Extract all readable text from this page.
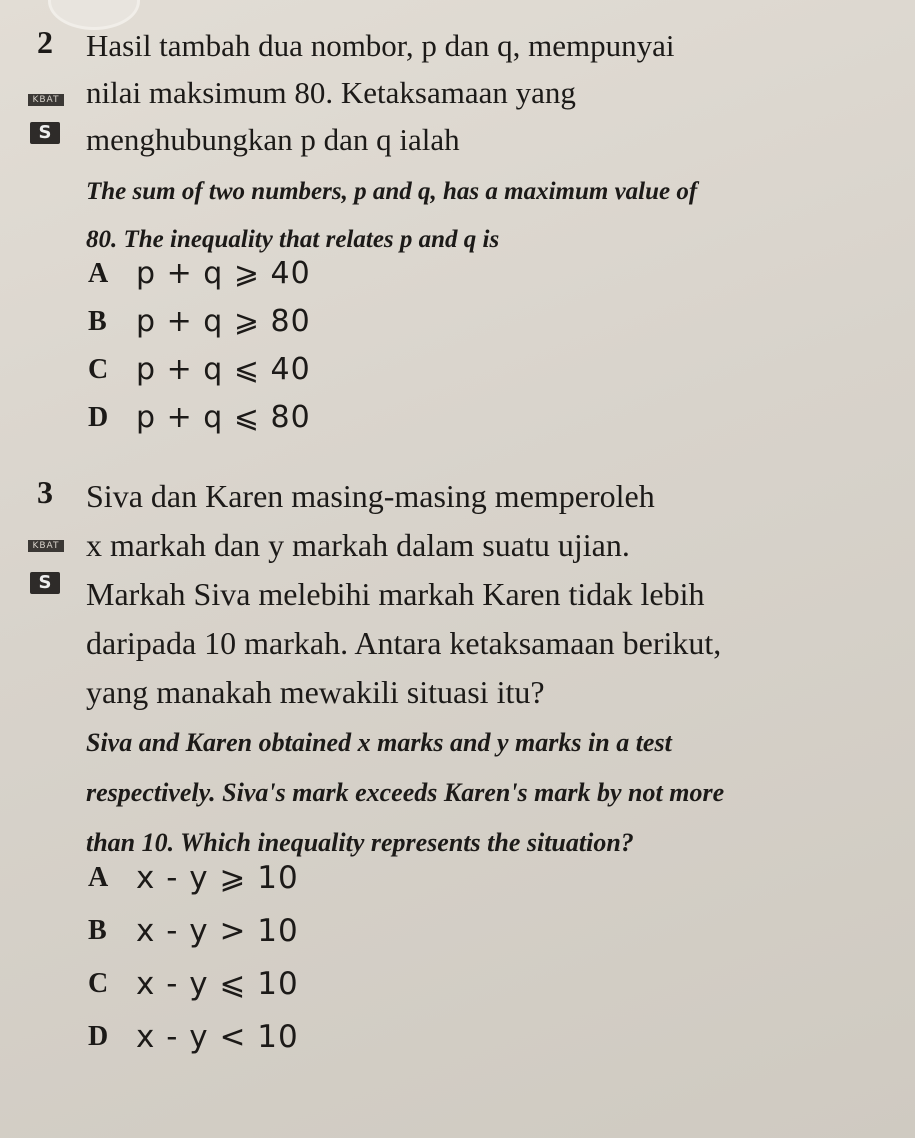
2
KBAT
S

Hasil tambah dua nombor, p dan q, mempunyai
nilai maksimum 80. Ketaksamaan yang
menghubungkan p dan q ialah

The sum of two numbers, p and q, has a maximum value of
80. The inequality that relates p and q is

A p + q ⩾ 40
B p + q ⩾ 80
C p + q ⩽ 40
D p + q ⩽ 80
3
KBAT
S

Siva dan Karen masing-masing memperoleh
x markah dan y markah dalam suatu ujian.
Markah Siva melebihi markah Karen tidak lebih
daripada 10 markah. Antara ketaksamaan berikut,
yang manakah mewakili situasi itu?

Siva and Karen obtained x marks and y marks in a test
respectively. Siva's mark exceeds Karen's mark by not more
than 10. Which inequality represents the situation?

A x - y ⩾ 10
B x - y > 10
C x - y ⩽ 10
D x - y < 10
